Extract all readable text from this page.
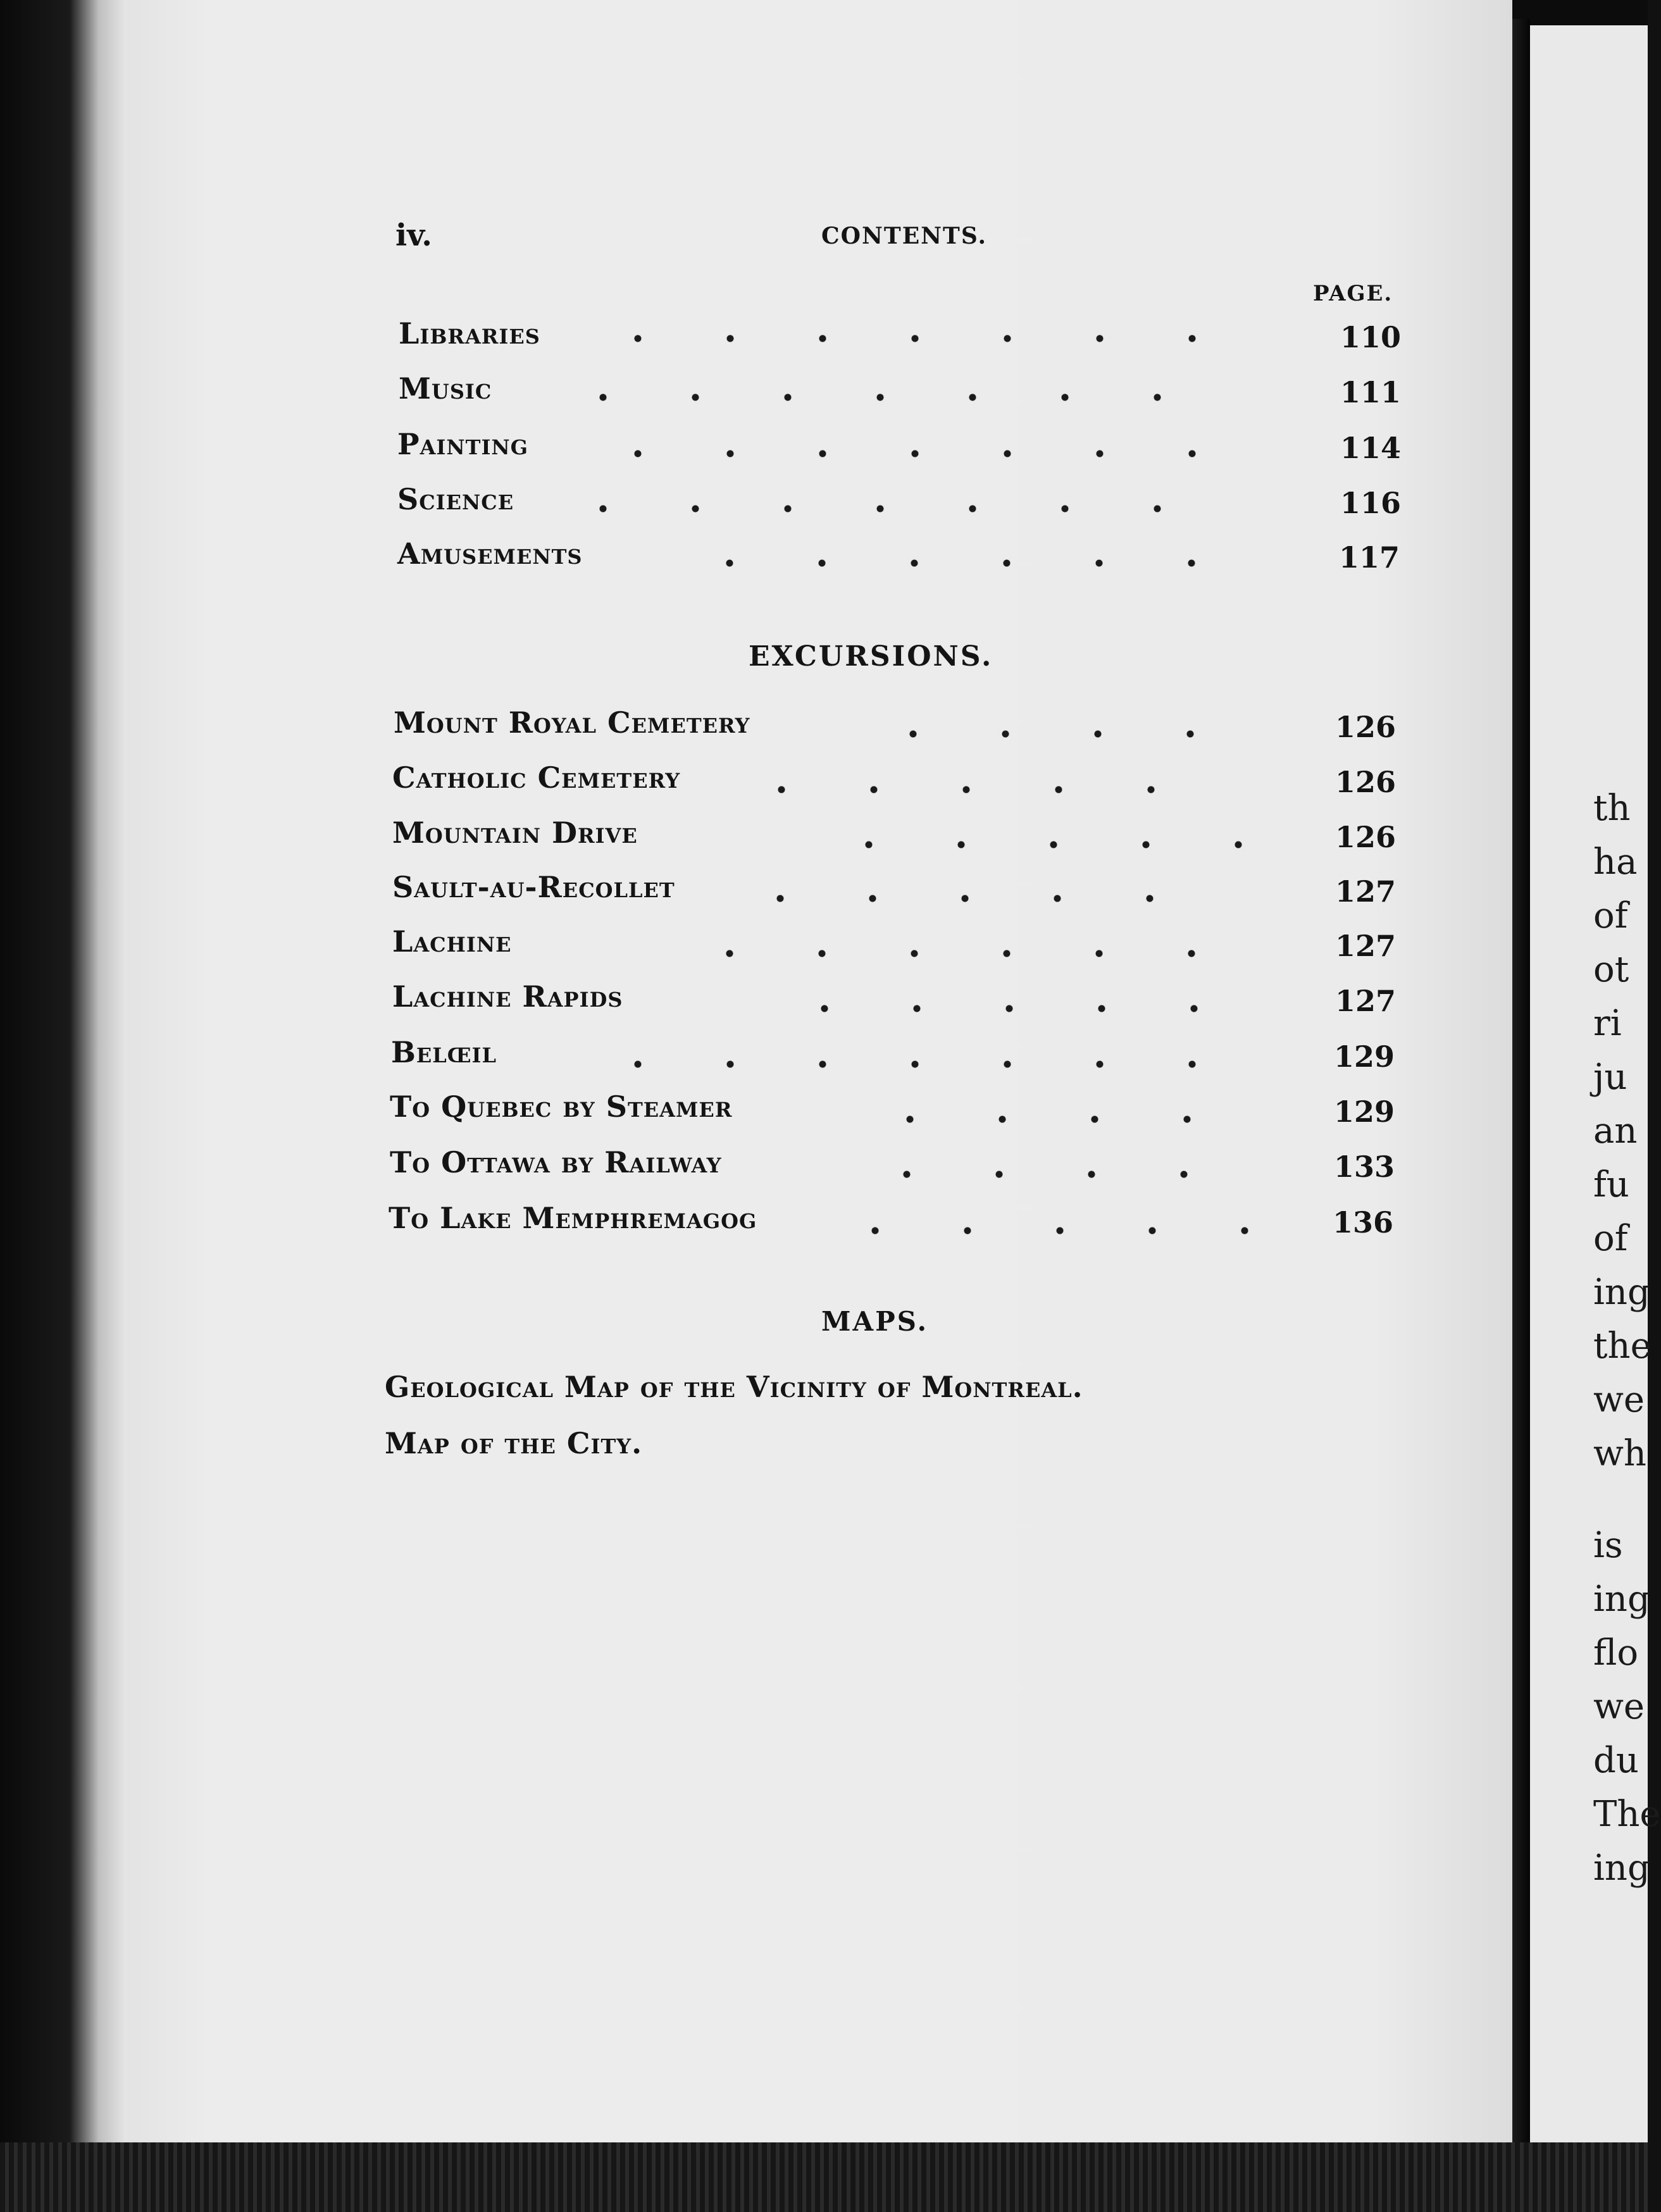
iv.	CONTENTS.
PAGE.
Libraries	110
Music	111
Painting	114
Science	116
Amusements	117
EXCURSIONS.
Mount Royal Cemetery	126
Catholic Cemetery	126
Mountain Drive	126
Sault-au-Recollet	127
Lachine	127
Lachine Rapids	127
Belœil	129
To Quebec by Steamer	129
To Ottawa by Railway	133
To Lake Memphremagog	136
MAPS.
Geological Map of the Vicinity of Montreal.
Map of the City.
th
ha
of
ot
ri
ju
an
fu
of
ing
the
we
wh
is
ing
flo
we
du
The
ing
